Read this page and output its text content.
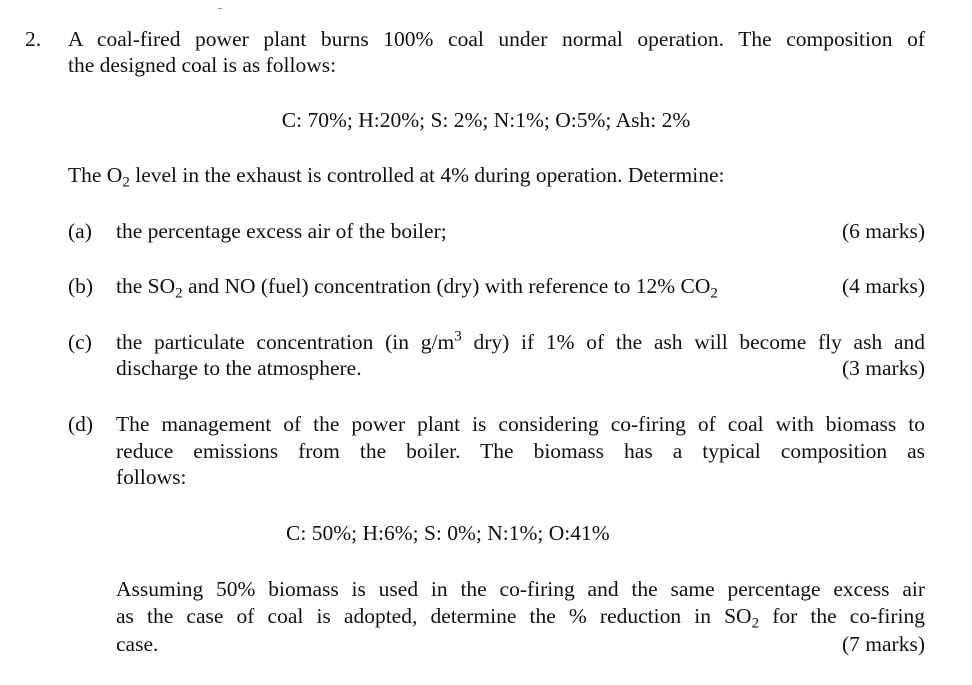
2. A coal-fired power plant burns 100% coal under normal operation. The composition of
the designed coal is as follows:
C: 70%; H:20%; S: 2%; N:1%; O:5%; Ash: 2%
The $O_2$ level in the exhaust is controlled at 4% during operation. Determine:
(a) the percentage excess air of the boiler;	(6 marks)
(b) the $SO_2$ and NO (fuel) concentration (dry) with reference to 12% $CO_2$	(4 marks)
(c) the particulate concentration (in $g/m^3$ dry) if 1% of the ash will become fly ash and
discharge to the atmosphere.	(3 marks)
(d) The management of the power plant is considering co-firing of coal with biomass to
reduce emissions from the boiler. The biomass has a typical composition as
follows:
C: 50%; H:6%; S: 0%; N:1%; O:41%
Assuming 50% biomass is used in the co-firing and the same percentage excess air
as the case of coal is adopted, determine the % reduction in $SO_2$ for the co-firing
case.	(7 marks)
